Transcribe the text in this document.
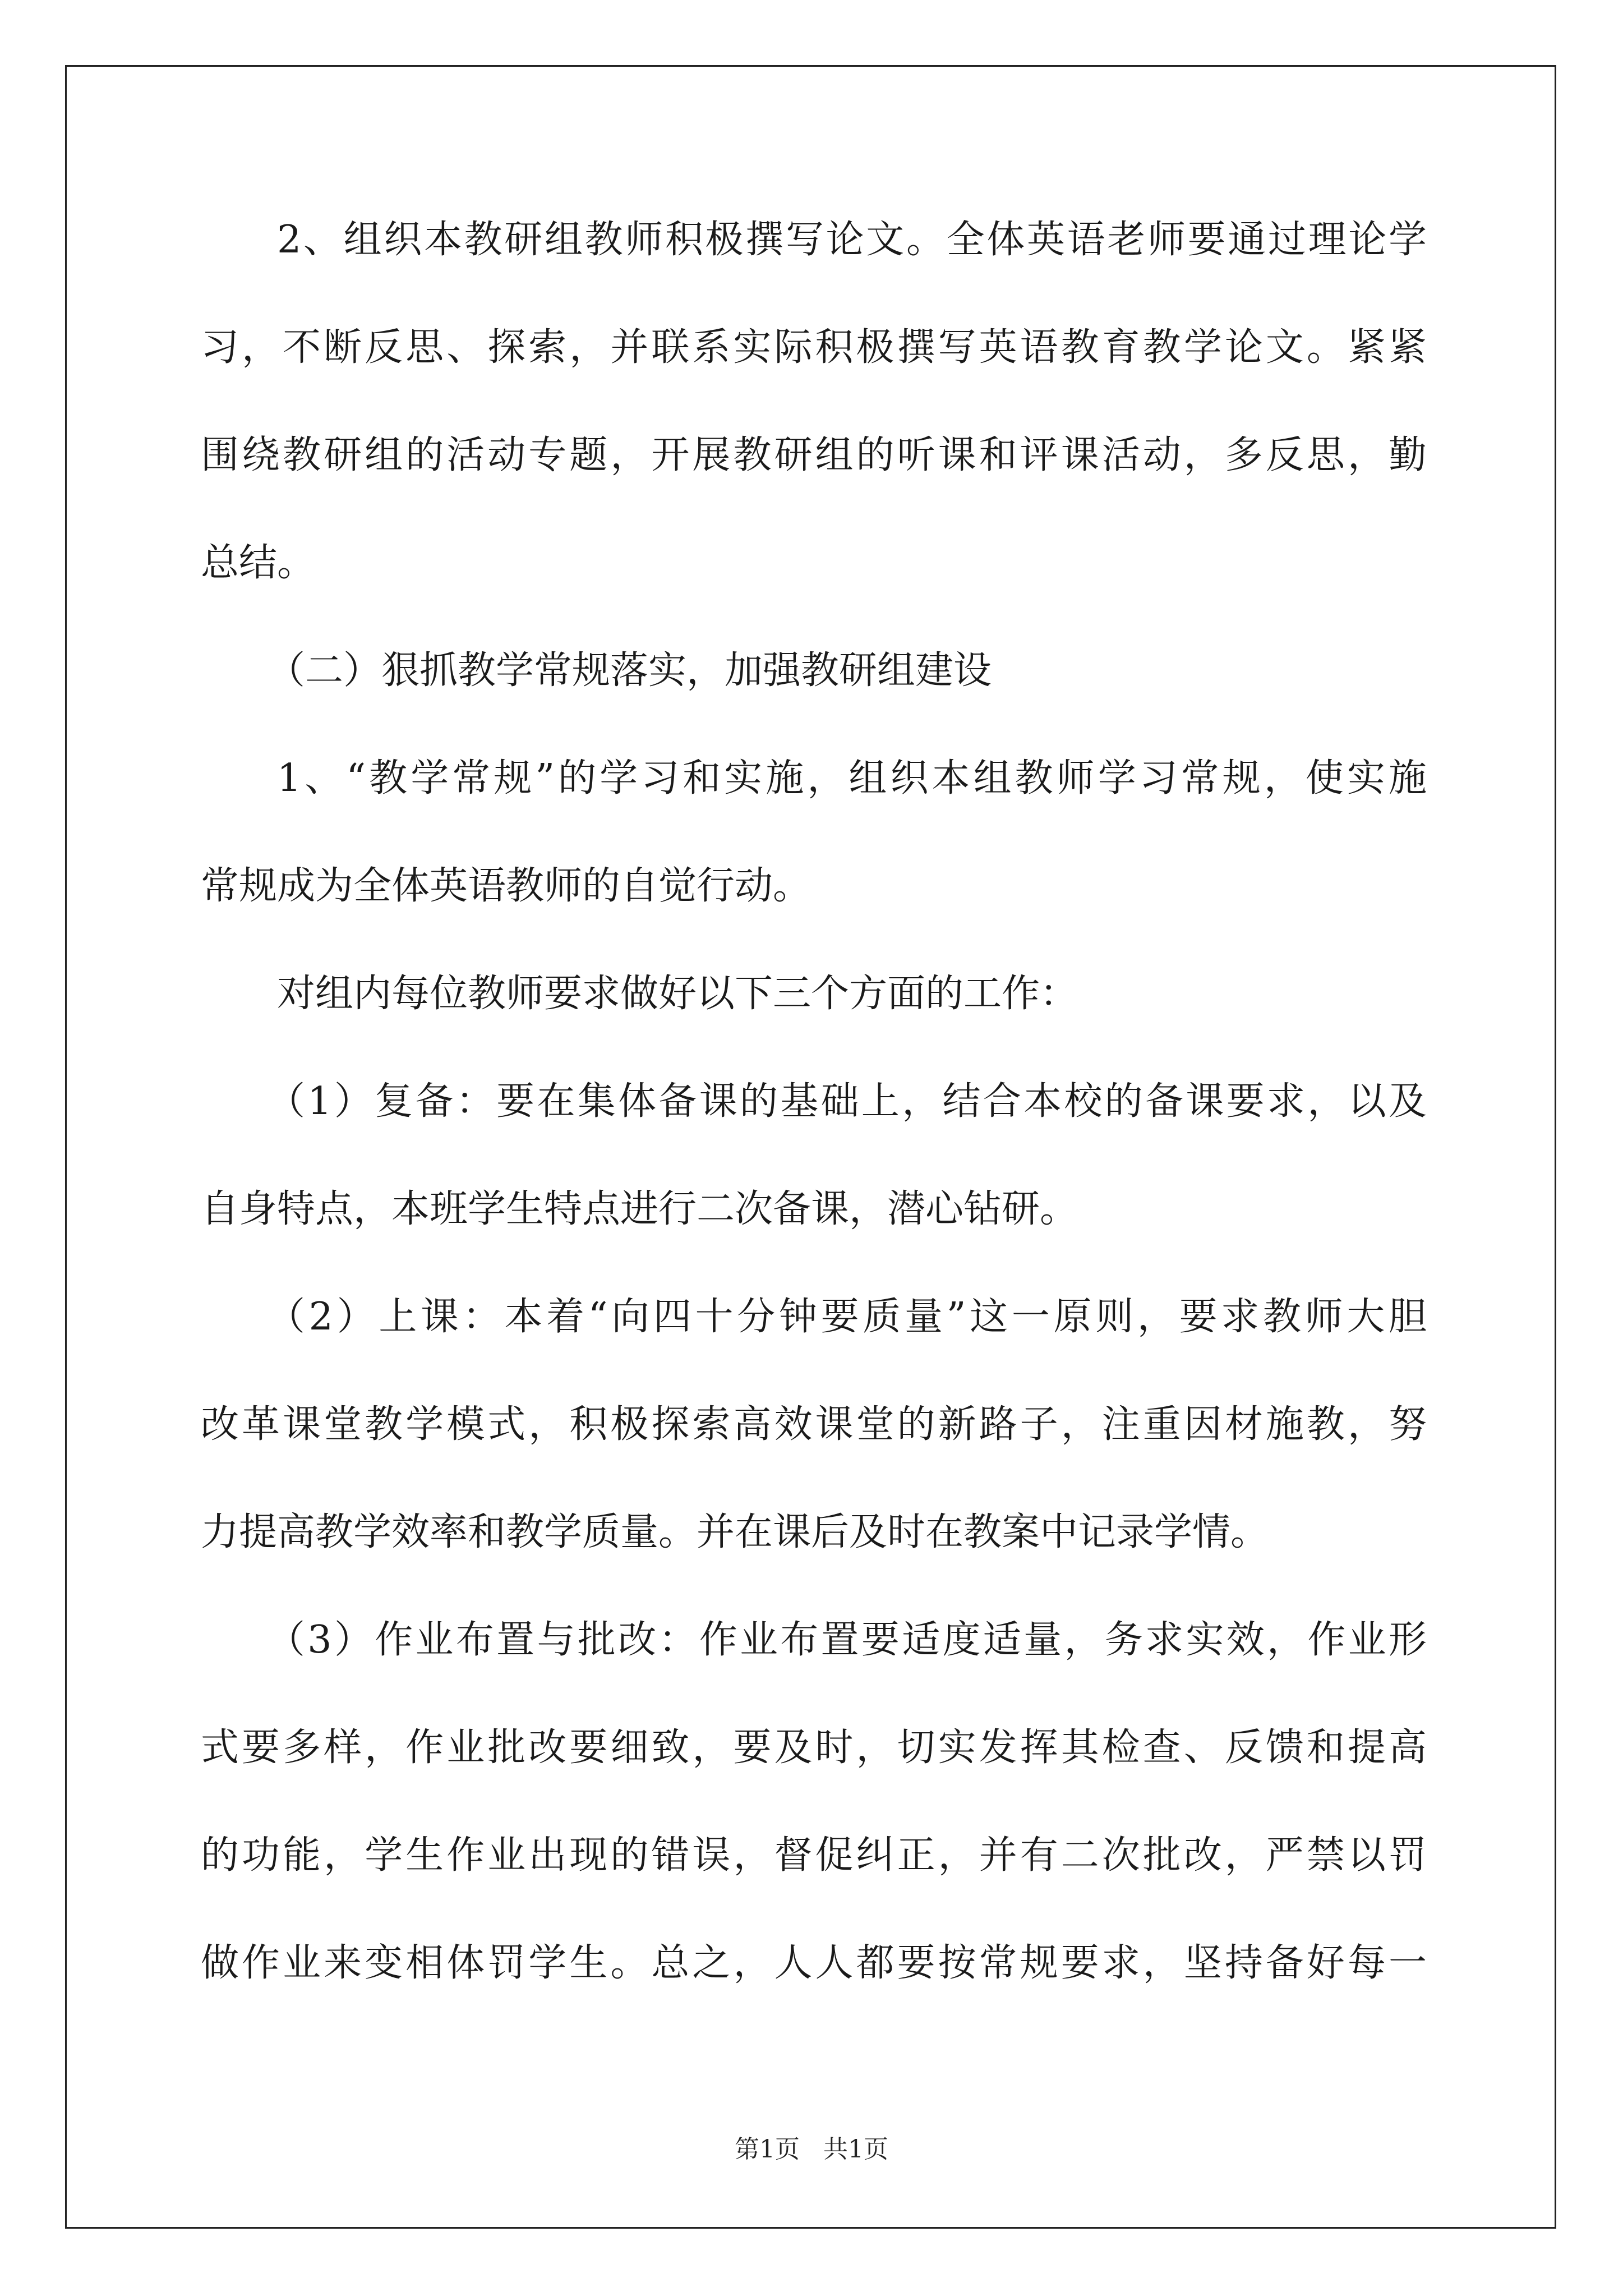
2、组织本教研组教师积极撰写论文。全体英语老师要通过理论学
习，不断反思、探索，并联系实际积极撰写英语教育教学论文。紧紧
围绕教研组的活动专题，开展教研组的听课和评课活动，多反思，勤
总结。
（二）狠抓教学常规落实，加强教研组建设
1、“教学常规”的学习和实施，组织本组教师学习常规，使实施
常规成为全体英语教师的自觉行动。
对组内每位教师要求做好以下三个方面的工作：
（1）复备：要在集体备课的基础上，结合本校的备课要求，以及
自身特点，本班学生特点进行二次备课，潜心钻研。
（2）上课：本着“向四十分钟要质量”这一原则，要求教师大胆
改革课堂教学模式，积极探索高效课堂的新路子，注重因材施教，努
力提高教学效率和教学质量。并在课后及时在教案中记录学情。
（3）作业布置与批改：作业布置要适度适量，务求实效，作业形
式要多样，作业批改要细致，要及时，切实发挥其检查、反馈和提高
的功能，学生作业出现的错误，督促纠正，并有二次批改，严禁以罚
做作业来变相体罚学生。总之，人人都要按常规要求，坚持备好每一
第1页   共1页
